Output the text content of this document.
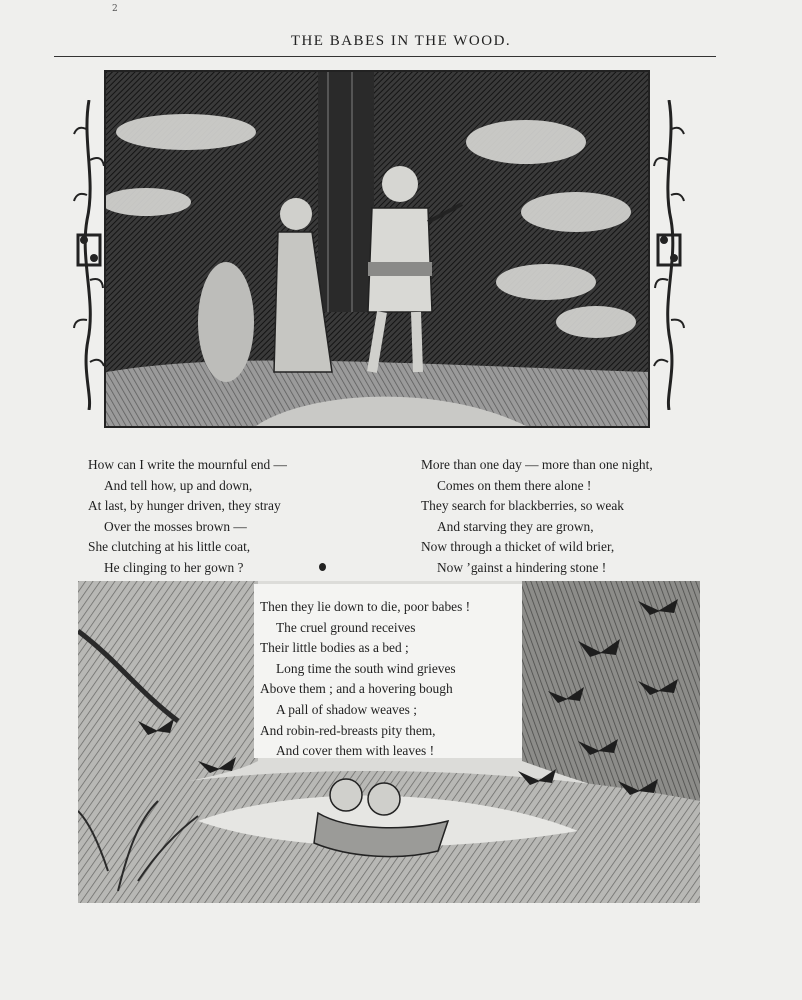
2
THE BABES IN THE WOOD.
How can I write the mournful end —
And tell how, up and down,
At last, by hunger driven, they stray
Over the mosses brown —
She clutching at his little coat,
He clinging to her gown ?
More than one day — more than one night,
Comes on them there alone !
They search for blackberries, so weak
And starving they are grown,
Now through a thicket of wild brier,
Now ’gainst a hindering stone !
Then they lie down to die, poor babes !
The cruel ground receives
Their little bodies as a bed ;
Long time the south wind grieves
Above them ; and a hovering bough
A pall of shadow weaves ;
And robin-red-breasts pity them,
And cover them with leaves !
